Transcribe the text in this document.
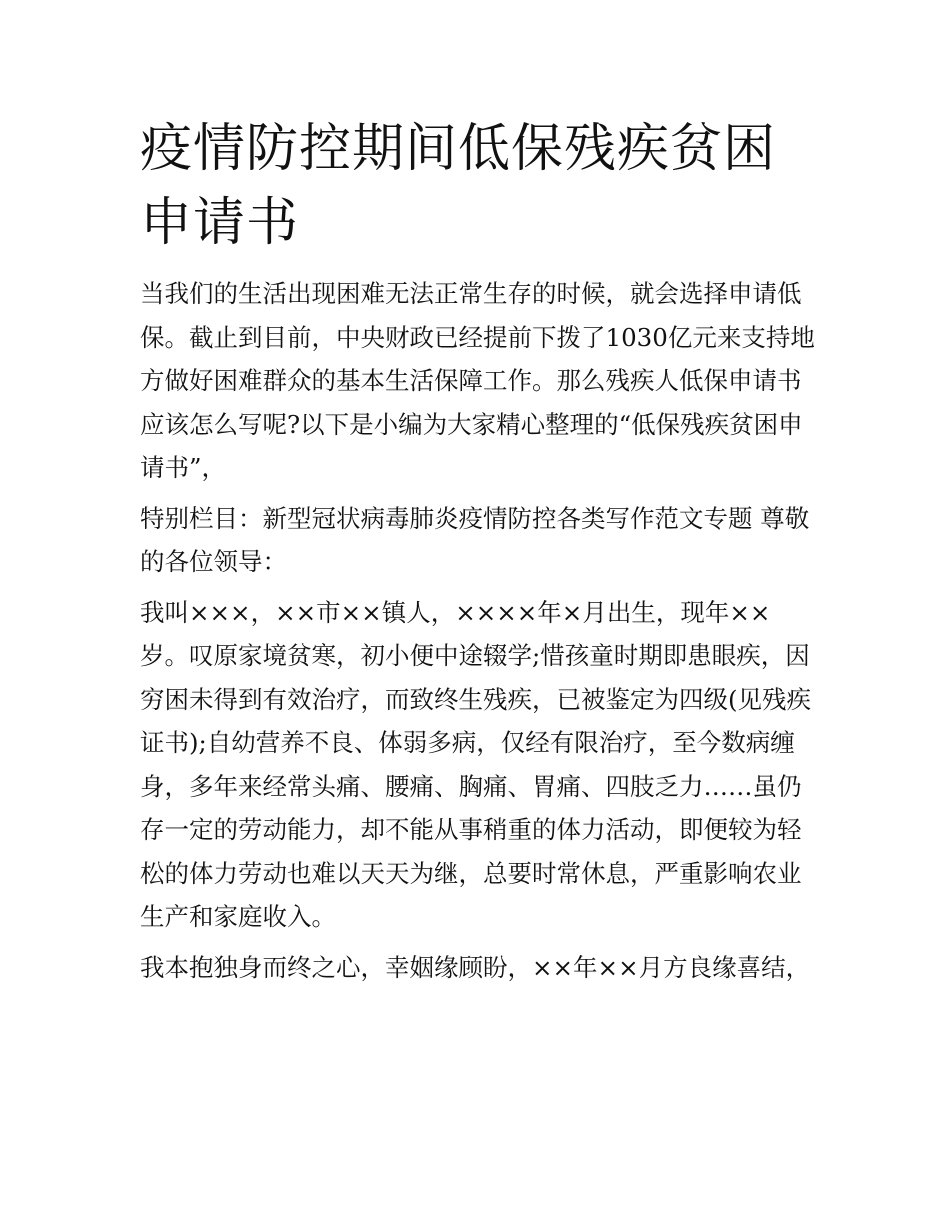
疫情防控期间低保残疾贫困申请书

当我们的生活出现困难无法正常生存的时候，就会选择申请低保。截止到目前，中央财政已经提前下拨了1030亿元来支持地方做好困难群众的基本生活保障工作。那么残疾人低保申请书应该怎么写呢?以下是小编为大家精心整理的“低保残疾贫困申请书”，

特别栏目：新型冠状病毒肺炎疫情防控各类写作范文专题 尊敬的各位领导：

我叫×××，××市××镇人，××××年×月出生，现年××岁。叹原家境贫寒，初小便中途辍学;惜孩童时期即患眼疾，因穷困未得到有效治疗，而致终生残疾，已被鉴定为四级(见残疾证书);自幼营养不良、体弱多病，仅经有限治疗，至今数病缠身，多年来经常头痛、腰痛、胸痛、胃痛、四肢乏力……虽仍存一定的劳动能力，却不能从事稍重的体力活动，即便较为轻松的体力劳动也难以天天为继，总要时常休息，严重影响农业生产和家庭收入。

我本抱独身而终之心，幸姻缘顾盼，××年××月方良缘喜结，
